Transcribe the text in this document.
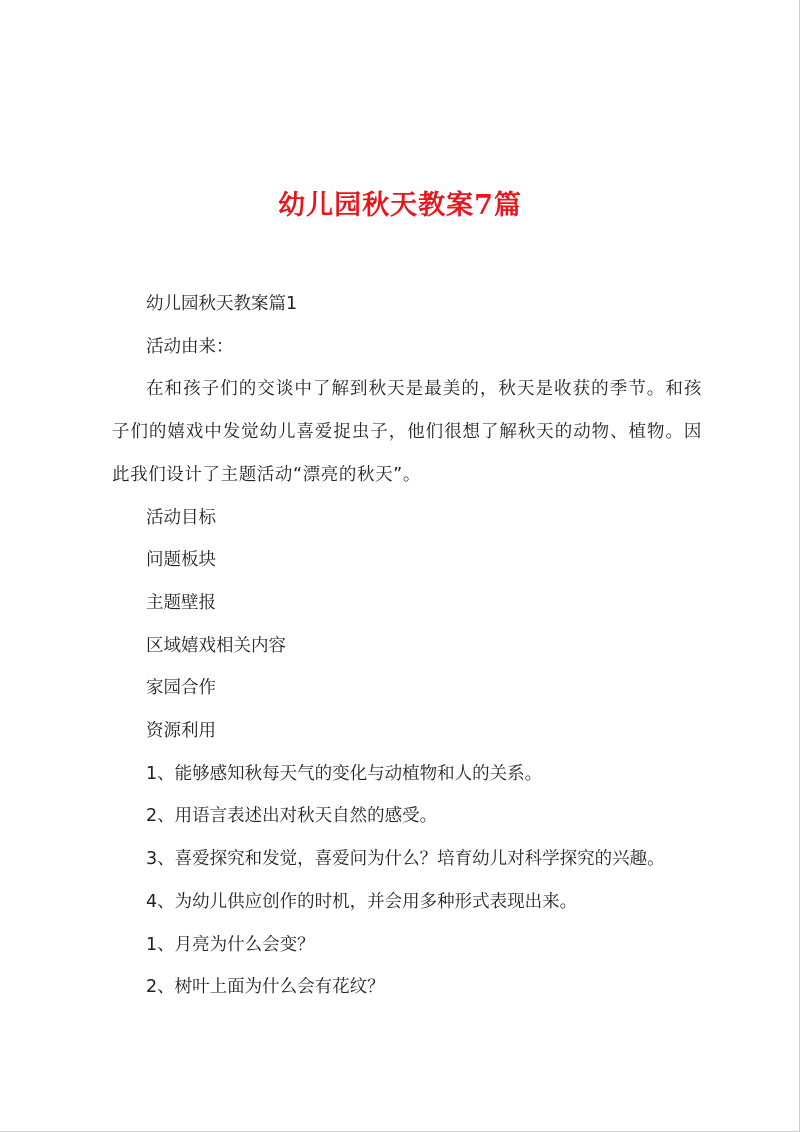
幼儿园秋天教案7篇

幼儿园秋天教案篇1

活动由来：

在和孩子们的交谈中了解到秋天是最美的，秋天是收获的季节。和孩子们的嬉戏中发觉幼儿喜爱捉虫子，他们很想了解秋天的动物、植物。因此我们设计了主题活动“漂亮的秋天”。

活动目标

问题板块

主题壁报

区域嬉戏相关内容

家园合作

资源利用

1、能够感知秋每天气的变化与动植物和人的关系。

2、用语言表述出对秋天自然的感受。

3、喜爱探究和发觉，喜爱问为什么？培育幼儿对科学探究的兴趣。

4、为幼儿供应创作的时机，并会用多种形式表现出来。

1、月亮为什么会变？

2、树叶上面为什么会有花纹？
